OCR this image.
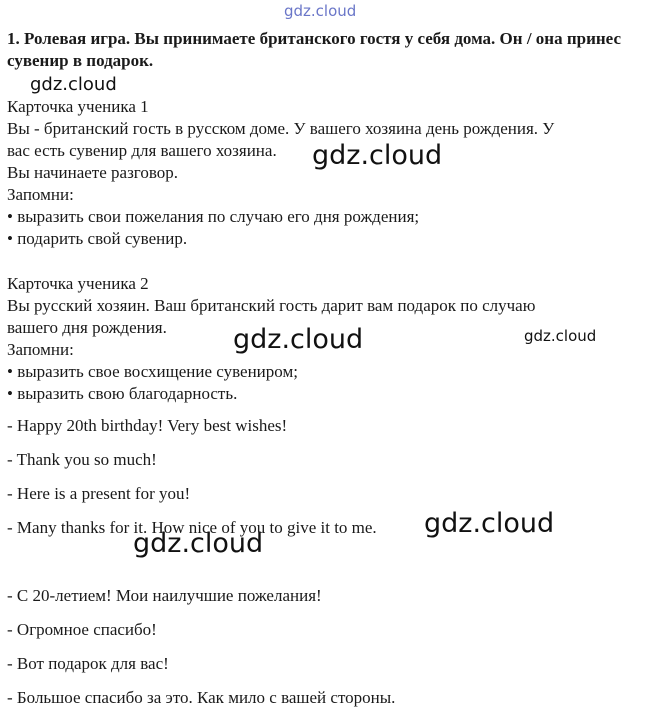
gdz.cloud
gdz.cloud
gdz.cloud
gdz.cloud	gdz.cloud
gdz.cloud
gdz.cloud

1. Ролевая игра. Вы принимаете британского гостя у себя дома. Он / она принес сувенир в подарок.

Карточка ученика 1

Вы - британский гость в русском доме. У вашего хозяина день рождения. У

вас есть сувенир для вашего хозяина.

Вы начинаете разговор.

Запомни:

• выразить свои пожелания по случаю его дня рождения;

• подарить свой сувенир.

Карточка ученика 2

Вы русский хозяин. Ваш британский гость дарит вам подарок по случаю

вашего дня рождения.

Запомни:

• выразить свое восхищение сувениром;

• выразить свою благодарность.

- Happy 20th birthday! Very best wishes!

- Thank you so much!

- Here is a present for you!

- Many thanks for it. How nice of you to give it to me.

- С 20-летием! Мои наилучшие пожелания!

- Огромное спасибо!

- Вот подарок для вас!

- Большое спасибо за это. Как мило с вашей стороны.
